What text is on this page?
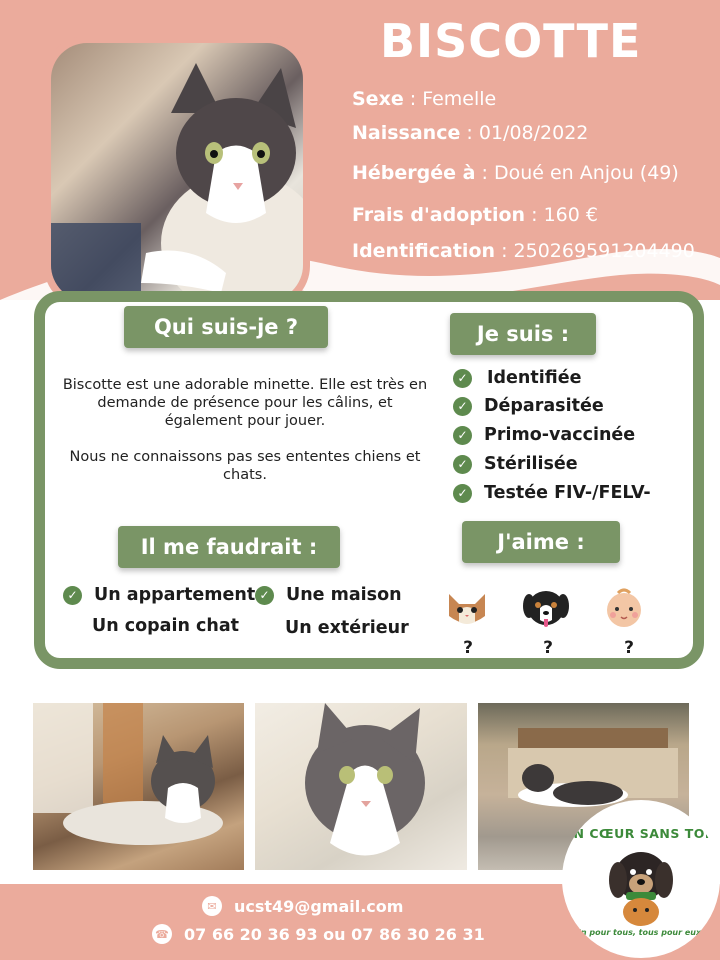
BISCOTTE
Sexe : Femelle
Naissance : 01/08/2022
Hébergée à : Doué en Anjou (49)
Frais d'adoption : 160 €
Identification : 250269591204490
Qui suis-je ?

Biscotte est une adorable minette. Elle est très en demande de présence pour les câlins, et également pour jouer.

Nous ne connaissons pas ses ententes chiens et chats.

Je suis :
✓ Identifiée
✓ Déparasitée
✓ Primo-vaccinée
✓ Stérilisée
✓ Testée FIV-/FELV-
Il me faudrait :
✓ Un appartement ✓ Une maison
Un copain chat	Un extérieur
J'aime :
?	?	?
✉	ucst49@gmail.com
☎ 07 66 20 36 93 ou 07 86 30 26 31
UN CŒUR SANS TOIT
Un pour tous, tous pour eux !
